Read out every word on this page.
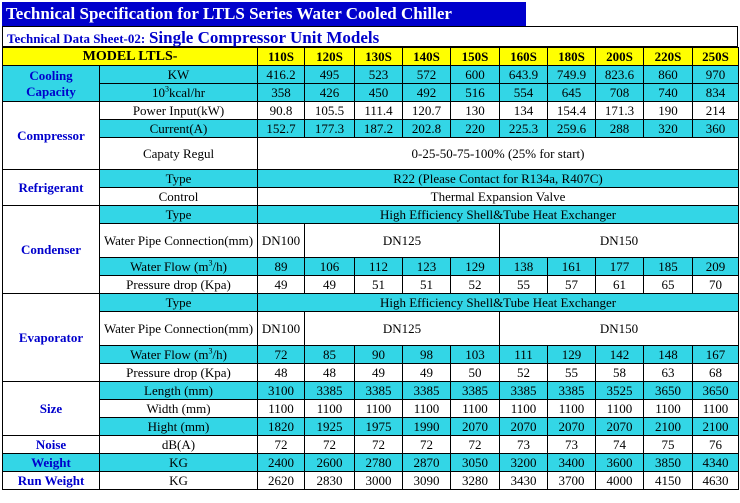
Technical Specification for LTLS Series Water Cooled Chiller
Technical Data Sheet-02: Single Compressor Unit Models
MODEL LTLS-		110S	120S	130S	140S	150S	160S	180S	200S	220S	250S
Cooling Capacity	KW	416.2	495	523	572	600	643.9	749.9	823.6	860	970
	$10^3kcal/hr$	358	426	450	492	516	554	645	708	740	834
Compressor	Power Input(kW)	90.8	105.5	111.4	120.7	130	134	154.4	171.3	190	214
	Current(A)	152.7	177.3	187.2	202.8	220	225.3	259.6	288	320	360
	Capaty Regul	0-25-50-75-100% (25% for start)									
Refrigerant	Type	R22 (Please Contact for R134a, R407C)									
	Control	Thermal Expansion Valve									
Condenser	Type	High Efficiency Shell&Tube Heat Exchanger									
	Water Pipe Connection(mm)	DN100	DN125				DN150				
	Water Flow $(m^3/h)$	89	106	112	123	129	138	161	177	185	209
	Pressure drop (Kpa)	49	49	51	51	52	55	57	61	65	70
Evaporator	Type	High Efficiency Shell&Tube Heat Exchanger									
	Water Pipe Connection(mm)	DN100	DN125				DN150				
	Water Flow $(m^3/h)$	72	85	90	98	103	111	129	142	148	167
	Pressure drop (Kpa)	48	48	49	49	50	52	55	58	63	68
Size	Length (mm)	3100	3385	3385	3385	3385	3385	3385	3525	3650	3650
	Width (mm)	1100	1100	1100	1100	1100	1100	1100	1100	1100	1100
	Hight (mm)	1820	1925	1975	1990	2070	2070	2070	2070	2100	2100
Noise	dB(A)	72	72	72	72	72	73	73	74	75	76
Weight	KG	2400	2600	2780	2870	3050	3200	3400	3600	3850	4340
Run Weight	KG	2620	2830	3000	3090	3280	3430	3700	4000	4150	4630
